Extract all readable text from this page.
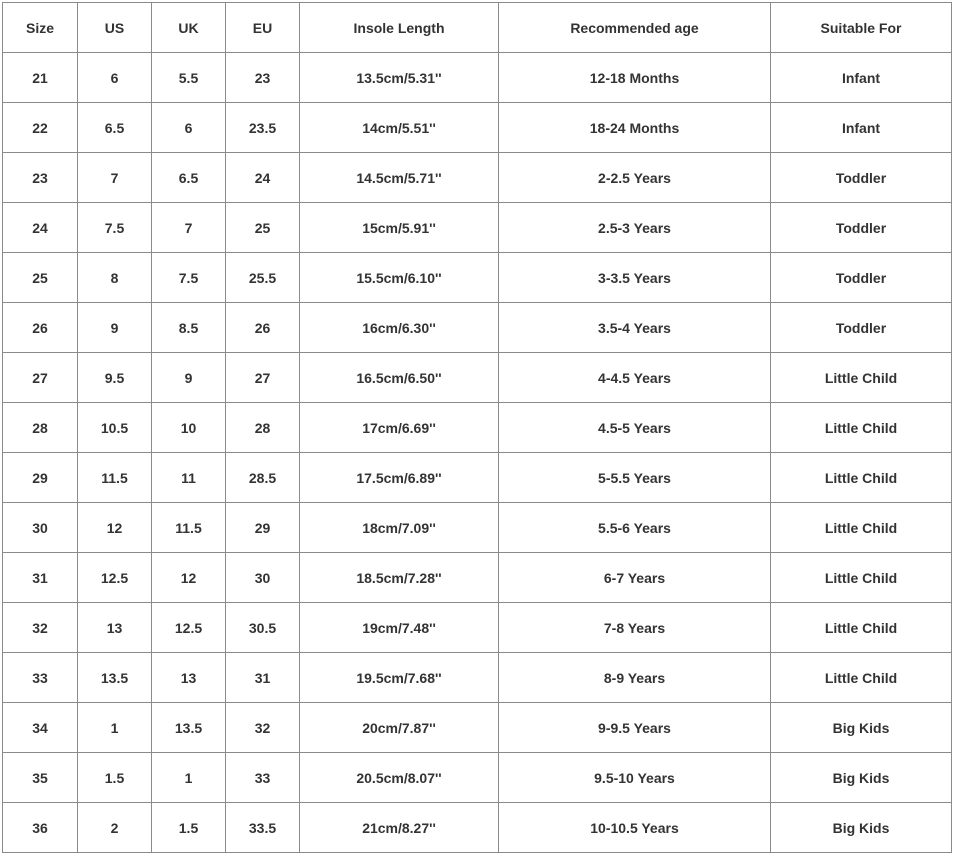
Size	US	UK	EU	Insole Length	Recommended age	Suitable For
21	6	5.5	23	13.5cm/5.31''	12-18 Months	Infant
22	6.5	6	23.5	14cm/5.51''	18-24 Months	Infant
23	7	6.5	24	14.5cm/5.71''	2-2.5 Years	Toddler
24	7.5	7	25	15cm/5.91''	2.5-3 Years	Toddler
25	8	7.5	25.5	15.5cm/6.10''	3-3.5 Years	Toddler
26	9	8.5	26	16cm/6.30''	3.5-4 Years	Toddler
27	9.5	9	27	16.5cm/6.50''	4-4.5 Years	Little Child
28	10.5	10	28	17cm/6.69''	4.5-5 Years	Little Child
29	11.5	11	28.5	17.5cm/6.89''	5-5.5 Years	Little Child
30	12	11.5	29	18cm/7.09''	5.5-6 Years	Little Child
31	12.5	12	30	18.5cm/7.28''	6-7 Years	Little Child
32	13	12.5	30.5	19cm/7.48''	7-8 Years	Little Child
33	13.5	13	31	19.5cm/7.68''	8-9 Years	Little Child
34	1	13.5	32	20cm/7.87''	9-9.5 Years	Big Kids
35	1.5	1	33	20.5cm/8.07''	9.5-10 Years	Big Kids
36	2	1.5	33.5	21cm/8.27''	10-10.5 Years	Big Kids
